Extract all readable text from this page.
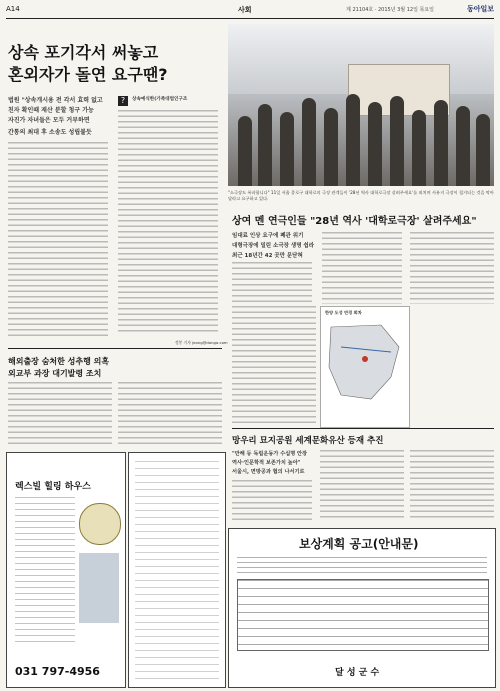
A14	사회	제 21104호 · 2015년 3월 12일 목요일	동아일보
상속 포기각서 써놓고
혼외자가 돌연 요구땐?
법원 "상속개시용 전 각서 효력 없고
친자 확인때 재산 분할 청구 가능
자진가 자녀들은 모두 거부하면
간통의 최대 후 소송도 성립불듯
?	상속예식한(가족대법인구조
정봉 기자 jeong@donga.com
"소극장도 폭파합니다" 11일 서울 종로구 대학로의 극장 관객들이 '28년 역사 대학로극장 살려주세요'를 외치며 사유지 극장이 철거되는 것을 막아달라고 요구하고 있다.
상여 멘 연극인들 "28년 역사 '대학로극장' 살려주세요"
임대료 인상 요구에 폐관 위기
대형극장에 밀린 소극장 생명 쉽라
최근 18년간 42 곳만 문닫혀
한양 도성 반경 회차
해외출장 숨처한 성추행 의혹
외교부 과장 대기발령 조치
망우리 묘지공원 세계문화유산 등재 추진
"만해 등 독립운동가 수십명 안장
역사·인문학적 보존가치 높아"
서울시, 면방공과 협의 나서기로
렉스빌 힐링 하우스
031 797-4956
보상계획 공고(안내문)
달 성 군 수
